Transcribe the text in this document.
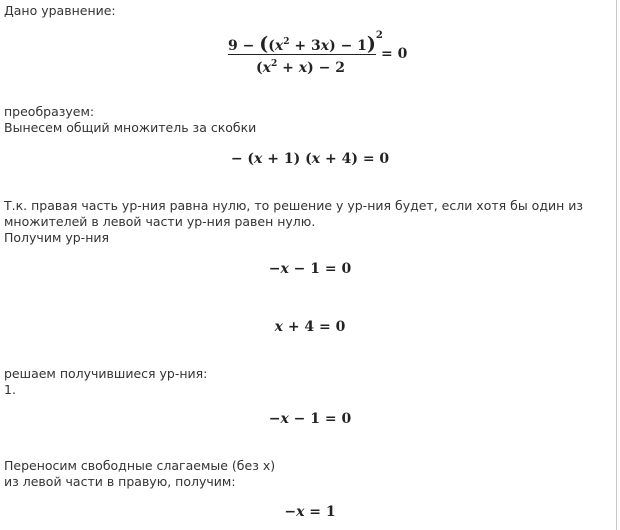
Дано уравнение:
$9 - ((x^2 + 3x) - 1)^2$
$(x^2 + x) - 2$
= 0
преобразуем:
Вынесем общий множитель за скобки
− (x + 1) (x + 4) = 0
Т.к. правая часть ур-ния равна нулю, то решение у ур-ния будет, если хотя бы один из
множителей в левой части ур-ния равен нулю.
Получим ур-ния
−x − 1 = 0
x + 4 = 0
решаем получившиеся ур-ния:
1.
−x − 1 = 0
Переносим свободные слагаемые (без x)
из левой части в правую, получим:
−x = 1
